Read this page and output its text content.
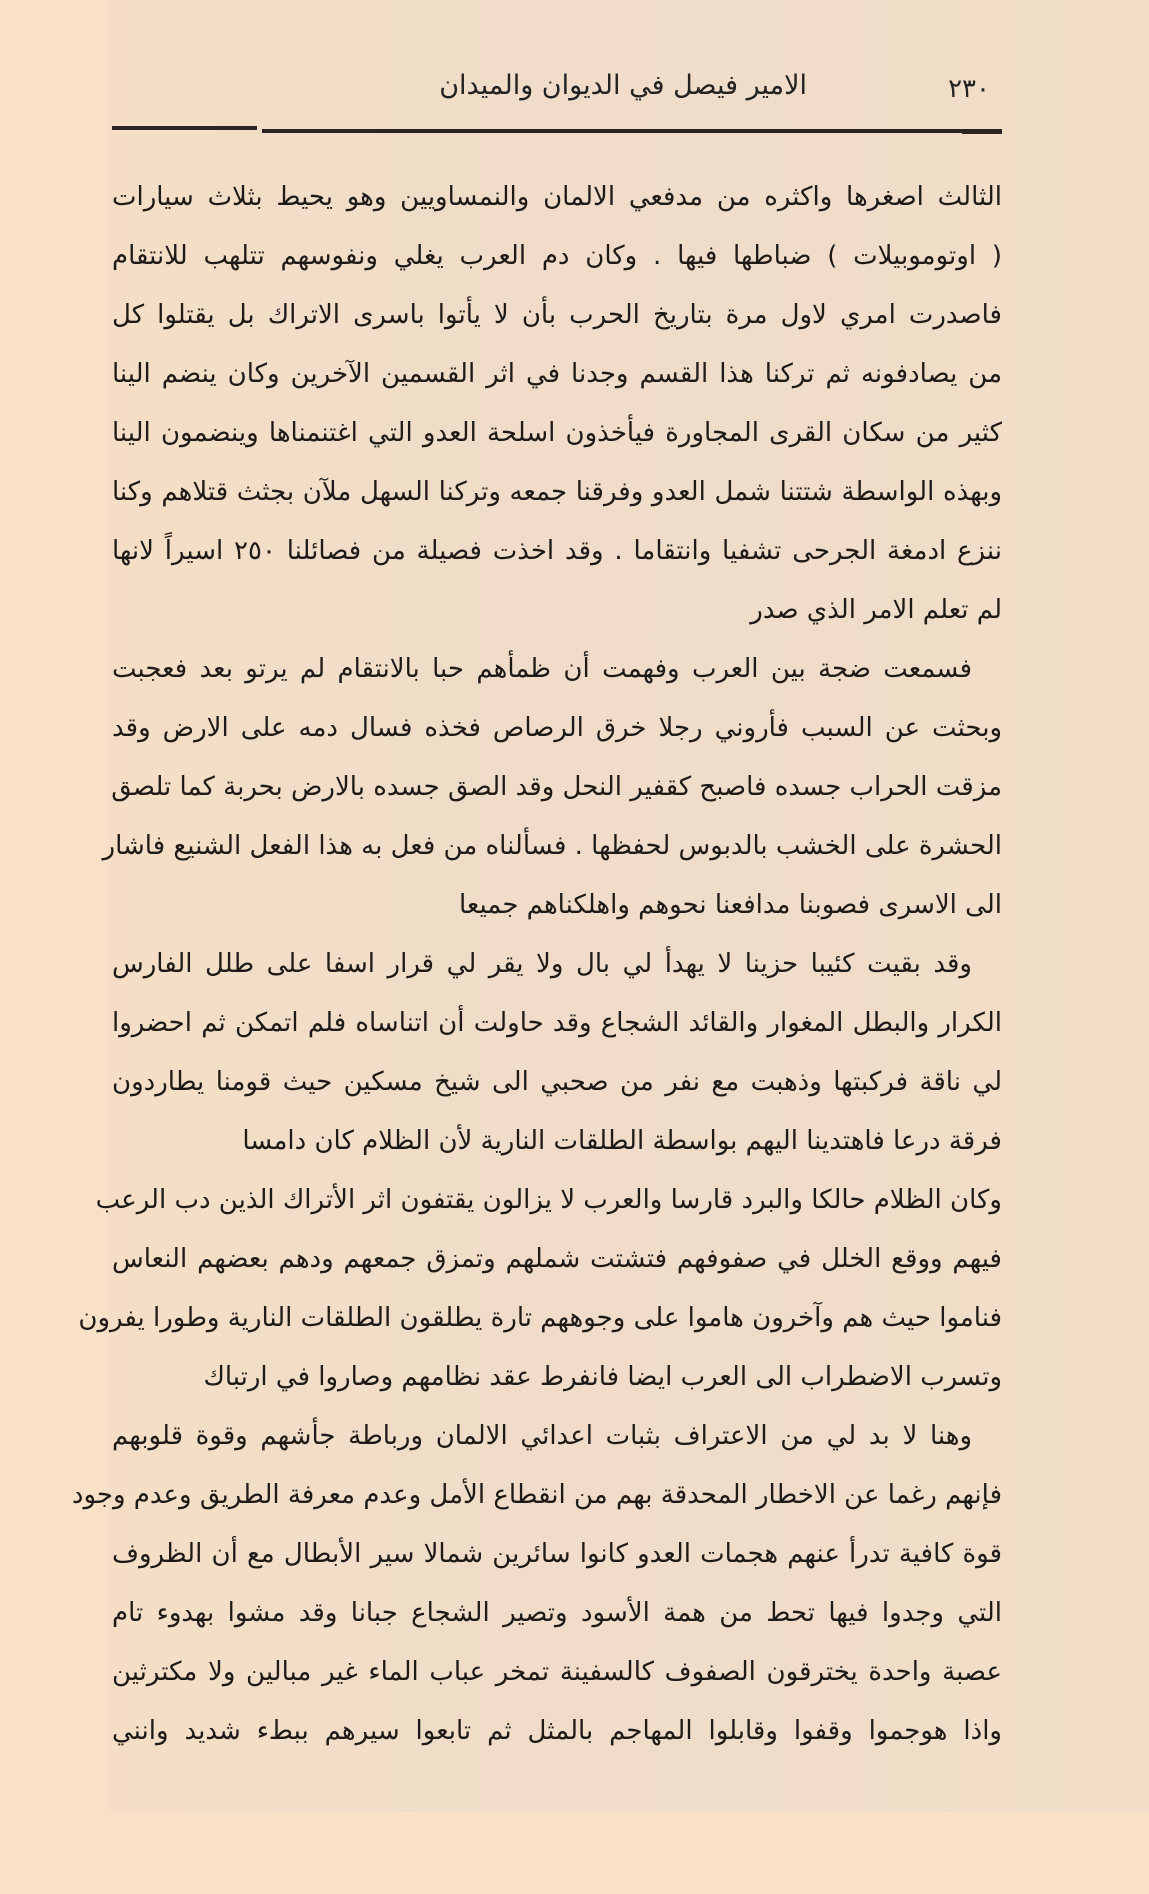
٢٣٠
الامير فيصل في الديوان والميدان
الثالث اصغرها واكثره من مدفعي الالمان والنمساويين وهو يحيط بثلاث سيارات
( اوتوموبيلات ) ضباطها فيها . وكان دم العرب يغلي ونفوسهم تتلهب للانتقام
فاصدرت امري لاول مرة بتاريخ الحرب بأن لا يأتوا باسرى الاتراك بل يقتلوا كل
من يصادفونه ثم تركنا هذا القسم وجدنا في اثر القسمين الآخرين وكان ينضم الينا
كثير من سكان القرى المجاورة فيأخذون اسلحة العدو التي اغتنمناها وينضمون الينا
وبهذه الواسطة شتتنا شمل العدو وفرقنا جمعه وتركنا السهل ملآن بجثث قتلاهم وكنا
ننزع ادمغة الجرحى تشفيا وانتقاما . وقد اخذت فصيلة من فصائلنا ٢٥٠ اسيراً لانها
لم تعلم الامر الذي صدر
فسمعت ضجة بين العرب وفهمت أن ظمأهم حبا بالانتقام لم يرتو بعد فعجبت
وبحثت عن السبب فأروني رجلا خرق الرصاص فخذه فسال دمه على الارض وقد
مزقت الحراب جسده فاصبح كقفير النحل وقد الصق جسده بالارض بحربة كما تلصق
الحشرة على الخشب بالدبوس لحفظها . فسألناه من فعل به هذا الفعل الشنيع فاشار
الى الاسرى فصوبنا مدافعنا نحوهم واهلكناهم جميعا
وقد بقيت كئيبا حزينا لا يهدأ لي بال ولا يقر لي قرار اسفا على طلل الفارس
الكرار والبطل المغوار والقائد الشجاع وقد حاولت أن اتناساه فلم اتمكن ثم احضروا
لي ناقة فركبتها وذهبت مع نفر من صحبي الى شيخ مسكين حيث قومنا يطاردون
فرقة درعا فاهتدينا اليهم بواسطة الطلقات النارية لأن الظلام كان دامسا
وكان الظلام حالكا والبرد قارسا والعرب لا يزالون يقتفون اثر الأتراك الذين دب الرعب
فيهم ووقع الخلل في صفوفهم فتشتت شملهم وتمزق جمعهم ودهم بعضهم النعاس
فناموا حيث هم وآخرون هاموا على وجوههم تارة يطلقون الطلقات النارية وطورا يفرون
وتسرب الاضطراب الى العرب ايضا فانفرط عقد نظامهم وصاروا في ارتباك
وهنا لا بد لي من الاعتراف بثبات اعدائي الالمان ورباطة جأشهم وقوة قلوبهم
فإنهم رغما عن الاخطار المحدقة بهم من انقطاع الأمل وعدم معرفة الطريق وعدم وجود
قوة كافية تدرأ عنهم هجمات العدو كانوا سائرين شمالا سير الأبطال مع أن الظروف
التي وجدوا فيها تحط من همة الأسود وتصير الشجاع جبانا وقد مشوا بهدوء تام
عصبة واحدة يخترقون الصفوف كالسفينة تمخر عباب الماء غير مبالين ولا مكترثين
واذا هوجموا وقفوا وقابلوا المهاجم بالمثل ثم تابعوا سيرهم ببطء شديد وانني
